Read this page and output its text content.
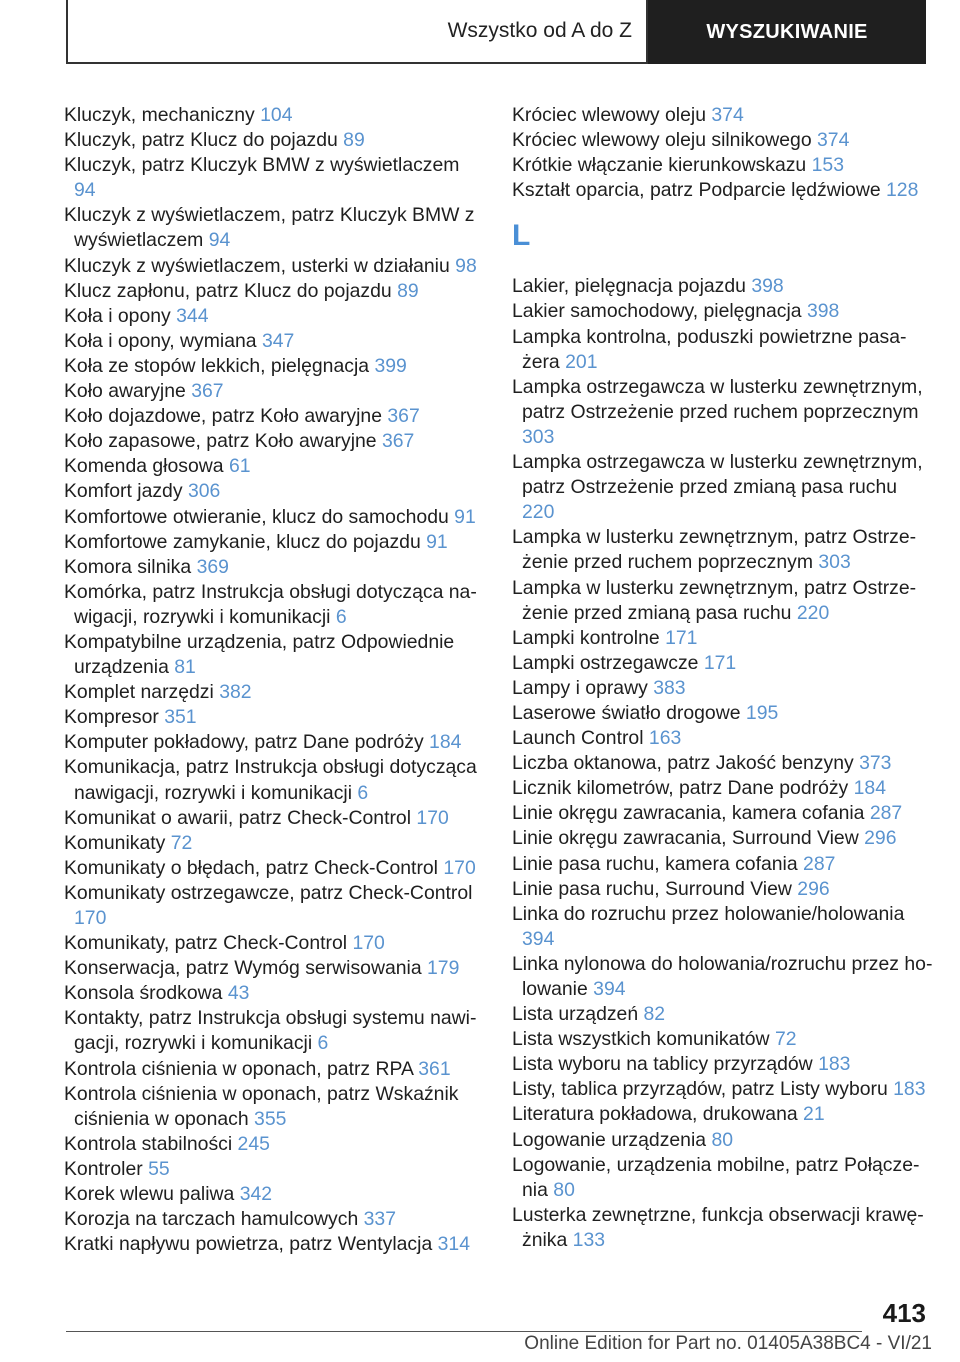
Wszystko od A do Z	WYSZUKIWANIE

Kluczyk, mechaniczny 104

Kluczyk, patrz Klucz do pojazdu 89

Kluczyk, patrz Kluczyk BMW z wyświetlaczem 94

Kluczyk z wyświetlaczem, patrz Kluczyk BMW z wyświetlaczem 94

Kluczyk z wyświetlaczem, usterki w działaniu 98

Klucz zapłonu, patrz Klucz do pojazdu 89

Koła i opony 344

Koła i opony, wymiana 347

Koła ze stopów lekkich, pielęgnacja 399

Koło awaryjne 367

Koło dojazdowe, patrz Koło awaryjne 367

Koło zapasowe, patrz Koło awaryjne 367

Komenda głosowa 61

Komfort jazdy 306

Komfortowe otwieranie, klucz do samochodu 91

Komfortowe zamykanie, klucz do pojazdu 91

Komora silnika 369

Komórka, patrz Instrukcja obsługi dotycząca nawigacji, rozrywki i komunikacji 6

Kompatybilne urządzenia, patrz Odpowiednie urządzenia 81

Komplet narzędzi 382

Kompresor 351

Komputer pokładowy, patrz Dane podróży 184

Komunikacja, patrz Instrukcja obsługi dotycząca nawigacji, rozrywki i komunikacji 6

Komunikat o awarii, patrz Check-Control 170

Komunikaty 72

Komunikaty o błędach, patrz Check-Control 170

Komunikaty ostrzegawcze, patrz Check-Control 170

Komunikaty, patrz Check-Control 170

Konserwacja, patrz Wymóg serwisowania 179

Konsola środkowa 43

Kontakty, patrz Instrukcja obsługi systemu nawigacji, rozrywki i komunikacji 6

Kontrola ciśnienia w oponach, patrz RPA 361

Kontrola ciśnienia w oponach, patrz Wskaźnik ciśnienia w oponach 355

Kontrola stabilności 245

Kontroler 55

Korek wlewu paliwa 342

Korozja na tarczach hamulcowych 337

Kratki napływu powietrza, patrz Wentylacja 314

Króciec wlewowy oleju 374

Króciec wlewowy oleju silnikowego 374

Krótkie włączanie kierunkowskazu 153

Kształt oparcia, patrz Podparcie lędźwiowe 128

L

Lakier, pielęgnacja pojazdu 398

Lakier samochodowy, pielęgnacja 398

Lampka kontrolna, poduszki powietrzne pasażera 201

Lampka ostrzegawcza w lusterku zewnętrznym, patrz Ostrzeżenie przed ruchem poprzecznym 303

Lampka ostrzegawcza w lusterku zewnętrznym, patrz Ostrzeżenie przed zmianą pasa ruchu 220

Lampka w lusterku zewnętrznym, patrz Ostrzeżenie przed ruchem poprzecznym 303

Lampka w lusterku zewnętrznym, patrz Ostrzeżenie przed zmianą pasa ruchu 220

Lampki kontrolne 171

Lampki ostrzegawcze 171

Lampy i oprawy 383

Laserowe światło drogowe 195

Launch Control 163

Liczba oktanowa, patrz Jakość benzyny 373

Licznik kilometrów, patrz Dane podróży 184

Linie okręgu zawracania, kamera cofania 287

Linie okręgu zawracania, Surround View 296

Linie pasa ruchu, kamera cofania 287

Linie pasa ruchu, Surround View 296

Linka do rozruchu przez holowanie/holowania 394

Linka nylonowa do holowania/rozruchu przez holowanie 394

Lista urządzeń 82

Lista wszystkich komunikatów 72

Lista wyboru na tablicy przyrządów 183

Listy, tablica przyrządów, patrz Listy wyboru 183

Literatura pokładowa, drukowana 21

Logowanie urządzenia 80

Logowanie, urządzenia mobilne, patrz Połączenia 80

Lusterka zewnętrzne, funkcja obserwacji krawężnika 133

413
Online Edition for Part no. 01405A38BC4 - VI/21
